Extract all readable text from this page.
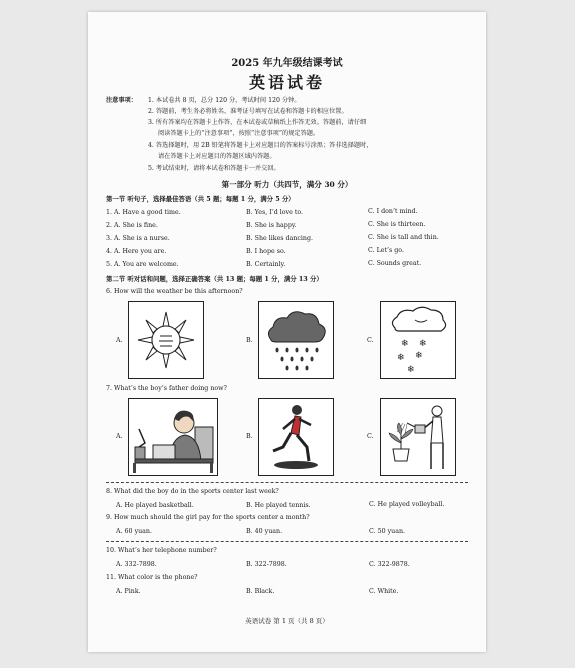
2025 年九年级结课考试
英语试卷
注意事项： 1. 本试卷共 8 页，总分 120 分，考试时间 120 分钟。
2. 答题前，考生务必将姓名、准考证号填写在试卷和答题卡的相应位置。
3. 所有答案均在答题卡上作答，在本试卷或草稿纸上作答无效。答题前，请仔细
阅读答题卡上的“注意事项”，按照“注意事项”的规定答题。
4. 答选择题时，用 2B 铅笔将答题卡上对应题目的答案标号涂黑；答非选择题时，
请在答题卡上对应题目的答题区域内答题。
5. 考试结束时，请将本试卷和答题卡一并交回。
第一部分 听力（共四节，满分 30 分）
第一节 听句子，选择最佳答语（共 5 题；每题 1 分，满分 5 分）
1. A. Have a good time.	B. Yes, I’d love to.	C. I don’t mind.
2. A. She is fine.	B. She is happy.	C. She is thirteen.
3. A. She is a nurse.	B. She likes dancing.	C. She is tall and thin.
4. A. Here you are.	B. I hope so.	C. Let’s go.
5. A. You are welcome.	B. Certainly.	C. Sounds great.
第二节 听对话和问题，选择正确答案（共 13 题；每题 1 分，满分 13 分）
6. How will the weather be this afternoon?
A.	B.	C.	❄ ❄
❄ ❄
❄
7. What’s the boy’s father doing now?
A.	B.	C.
8. What did the boy do in the sports center last week?
A. He played basketball.	B. He played tennis.	C. He played volleyball.
9. How much should the girl pay for the sports center a month?
A. 60 yuan.	B. 40 yuan.	C. 50 yuan.
10. What’s her telephone number?
A. 332-7898.	B. 322-7898.	C. 322-9878.
11. What color is the phone?
A. Pink.	B. Black.	C. White.
英语试卷 第 1 页（共 8 页）
